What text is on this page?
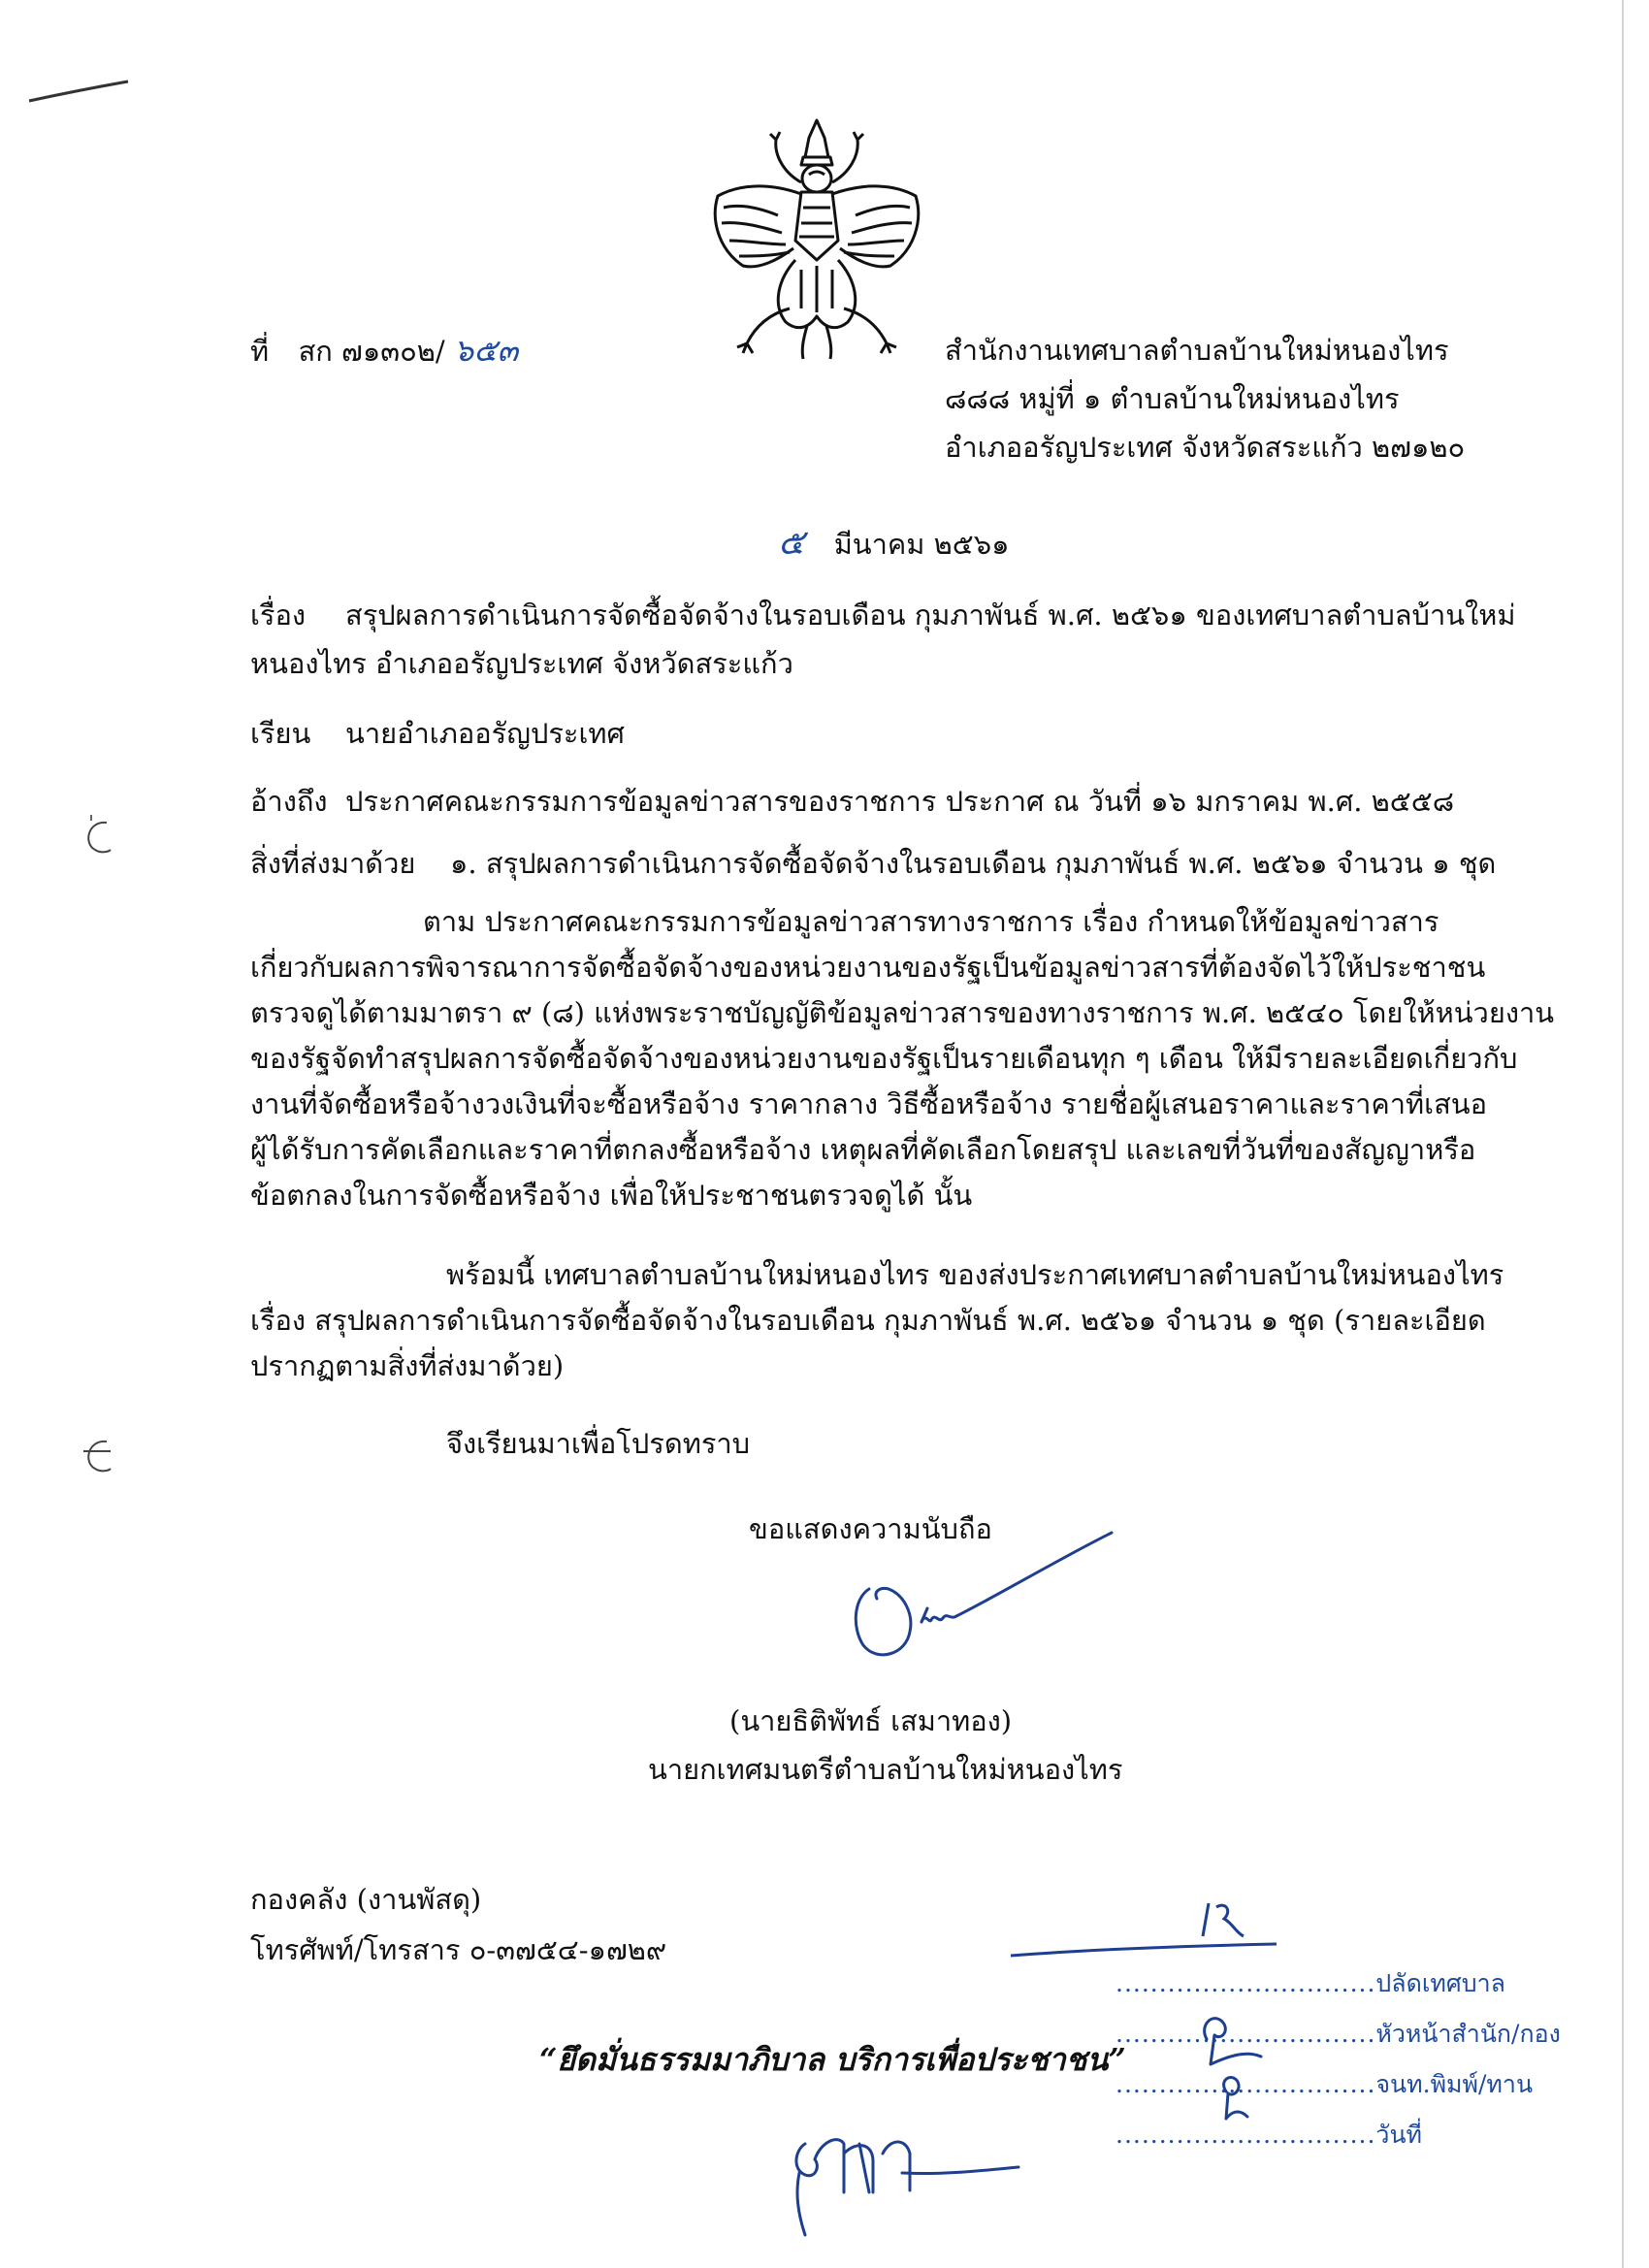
ที่ สก ๗๑๓๐๒/ ๖๕๓	สำนักงานเทศบาลตำบลบ้านใหม่หนองไทร
๘๘๘ หมู่ที่ ๑ ตำบลบ้านใหม่หนองไทร
อำเภออรัญประเทศ จังหวัดสระแก้ว ๒๗๑๒๐
๕ มีนาคม ๒๕๖๑
เรื่อง สรุปผลการดำเนินการจัดซื้อจัดจ้างในรอบเดือน กุมภาพันธ์ พ.ศ. ๒๕๖๑ ของเทศบาลตำบลบ้านใหม่
หนองไทร อำเภออรัญประเทศ จังหวัดสระแก้ว
เรียน นายอำเภออรัญประเทศ
อ้างถึง ประกาศคณะกรรมการข้อมูลข่าวสารของราชการ ประกาศ ณ วันที่ ๑๖ มกราคม พ.ศ. ๒๕๕๘
สิ่งที่ส่งมาด้วย ๑. สรุปผลการดำเนินการจัดซื้อจัดจ้างในรอบเดือน กุมภาพันธ์ พ.ศ. ๒๕๖๑ จำนวน ๑ ชุด
ตาม ประกาศคณะกรรมการข้อมูลข่าวสารทางราชการ เรื่อง กำหนดให้ข้อมูลข่าวสาร
เกี่ยวกับผลการพิจารณาการจัดซื้อจัดจ้างของหน่วยงานของรัฐเป็นข้อมูลข่าวสารที่ต้องจัดไว้ให้ประชาชน
ตรวจดูได้ตามมาตรา ๙ (๘) แห่งพระราชบัญญัติข้อมูลข่าวสารของทางราชการ พ.ศ. ๒๕๔๐ โดยให้หน่วยงาน
ของรัฐจัดทำสรุปผลการจัดซื้อจัดจ้างของหน่วยงานของรัฐเป็นรายเดือนทุก ๆ เดือน ให้มีรายละเอียดเกี่ยวกับ
งานที่จัดซื้อหรือจ้างวงเงินที่จะซื้อหรือจ้าง ราคากลาง วิธีซื้อหรือจ้าง รายชื่อผู้เสนอราคาและราคาที่เสนอ
ผู้ได้รับการคัดเลือกและราคาที่ตกลงซื้อหรือจ้าง เหตุผลที่คัดเลือกโดยสรุป และเลขที่วันที่ของสัญญาหรือ
ข้อตกลงในการจัดซื้อหรือจ้าง เพื่อให้ประชาชนตรวจดูได้ นั้น
พร้อมนี้ เทศบาลตำบลบ้านใหม่หนองไทร ของส่งประกาศเทศบาลตำบลบ้านใหม่หนองไทร
เรื่อง สรุปผลการดำเนินการจัดซื้อจัดจ้างในรอบเดือน กุมภาพันธ์ พ.ศ. ๒๕๖๑ จำนวน ๑ ชุด (รายละเอียด
ปรากฏตามสิ่งที่ส่งมาด้วย)
จึงเรียนมาเพื่อโปรดทราบ
ขอแสดงความนับถือ
(นายธิติพัทธ์ เสมาทอง)
นายกเทศมนตรีตำบลบ้านใหม่หนองไทร
กองคลัง (งานพัสดุ)
โทรศัพท์/โทรสาร ๐-๓๗๕๔-๑๗๒๙
“ยึดมั่นธรรมมาภิบาล บริการเพื่อประชาชน”
..............................ปลัดเทศบาล
..............................หัวหน้าสำนัก/กอง
..............................จนท.พิมพ์/ทาน
..............................วันที่
